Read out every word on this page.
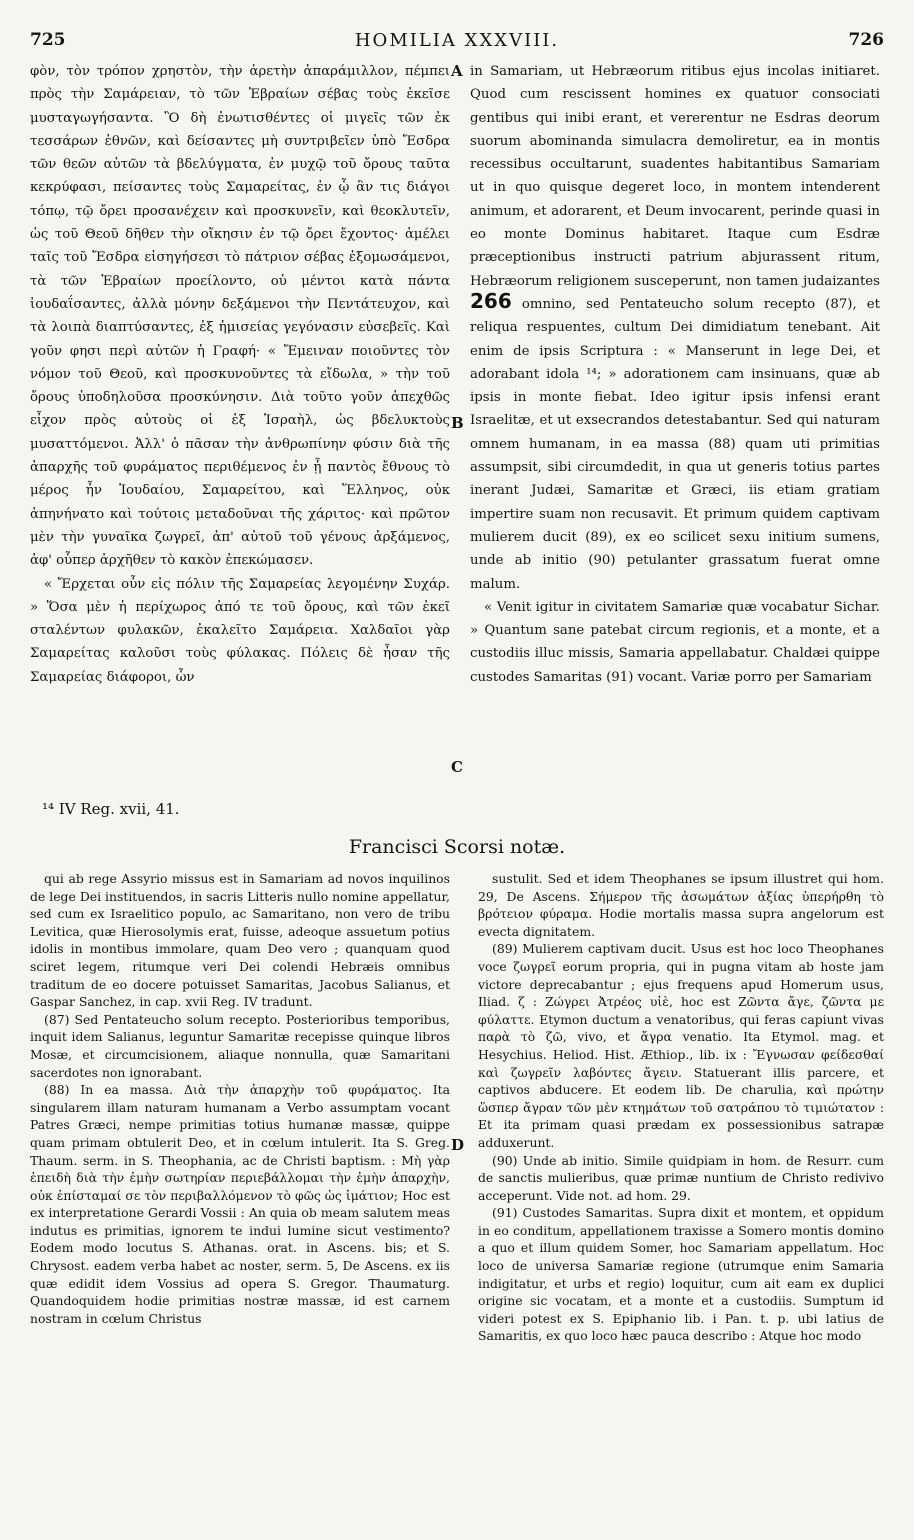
725	HOMILIA XXXVIII.	726

φὸν, τὸν τρόπον χρηστὸν, τὴν ἀρετὴν ἀπαράμιλλον, πέμπει πρὸς τὴν Σαμάρειαν, τὸ τῶν Ἑβραίων σέβας τοὺς ἐκεῖσε μυσταγωγήσαντα. Ὃ δὴ ἐνωτισθέντες οἱ μιγεῖς τῶν ἐκ τεσσάρων ἐθνῶν, καὶ δείσαντες μὴ συντριβεῖεν ὑπὸ Ἔσδρα τῶν θεῶν αὐτῶν τὰ βδελύγματα, ἐν μυχῷ τοῦ ὄρους ταῦτα κεκρύφασι, πείσαντες τοὺς Σαμαρείτας, ἐν ᾧ ἂν τις διάγοι τόπῳ, τῷ ὄρει προσανέχειν καὶ προσκυνεῖν, καὶ θεοκλυτεῖν, ὡς τοῦ Θεοῦ δῆθεν τὴν οἴκησιν ἐν τῷ ὄρει ἔχοντος· ἀμέλει ταῖς τοῦ Ἔσδρα εἰσηγήσεσι τὸ πάτριον σέβας ἐξομωσάμενοι, τὰ τῶν Ἑβραίων προείλοντο, οὐ μέντοι κατὰ πάντα ἰουδαΐσαντες, ἀλλὰ μόνην δεξάμενοι τὴν Πεντάτευχον, καὶ τὰ λοιπὰ διαπτύσαντες, ἐξ ἡμισείας γεγόνασιν εὐσεβεῖς. Καὶ γοῦν φησι περὶ αὐτῶν ἡ Γραφή· « Ἔμειναν ποιοῦντες τὸν νόμον τοῦ Θεοῦ, καὶ προσκυνοῦντες τὰ εἴδωλα, » τὴν τοῦ ὄρους ὑποδηλοῦσα προσκύνησιν. Διὰ τοῦτο γοῦν ἀπεχθῶς εἶχον πρὸς αὐτοὺς οἱ ἐξ Ἰσραὴλ, ὡς βδελυκτοὺς μυσαττόμενοι. Ἀλλ' ὁ πᾶσαν τὴν ἀνθρωπίνην φύσιν διὰ τῆς ἀπαρχῆς τοῦ φυράματος περιθέμενος ἐν ᾗ παντὸς ἔθνους τὸ μέρος ἦν Ἰουδαίου, Σαμαρείτου, καὶ Ἕλληνος, οὐκ ἀπηνήνατο καὶ τούτοις μεταδοῦναι τῆς χάριτος· καὶ πρῶτον μὲν τὴν γυναῖκα ζωγρεῖ, ἀπ' αὐτοῦ τοῦ γένους ἀρξάμενος, ἀφ' οὗπερ ἀρχῆθεν τὸ κακὸν ἐπεκώμασεν.

« Ἔρχεται οὖν εἰς πόλιν τῆς Σαμαρείας λεγομένην Συχάρ. » Ὅσα μὲν ἡ περίχωρος ἀπό τε τοῦ ὄρους, καὶ τῶν ἐκεῖ σταλέντων φυλακῶν, ἐκαλεῖτο Σαμάρεια. Χαλδαῖοι γὰρ Σαμαρείτας καλοῦσι τοὺς φύλακας. Πόλεις δὲ ἦσαν τῆς Σαμαρείας διάφοροι, ὧν

A
B
C
D

in Samariam, ut Hebræorum ritibus ejus incolas initiaret. Quod cum rescissent homines ex quatuor consociati gentibus qui inibi erant, et vererentur ne Esdras deorum suorum abominanda simulacra demoliretur, ea in montis recessibus occultarunt, suadentes habitantibus Samariam ut in quo quisque degeret loco, in montem intenderent animum, et adorarent, et Deum invocarent, perinde quasi in eo monte Dominus habitaret. Itaque cum Esdræ præceptionibus instructi patrium abjurassent ritum, Hebræorum religionem susceperunt, non tamen judaizantes 266 omnino, sed Pentateucho solum recepto (87), et reliqua respuentes, cultum Dei dimidiatum tenebant. Ait enim de ipsis Scriptura : « Manserunt in lege Dei, et adorabant idola ¹⁴; » adorationem cam insinuans, quæ ab ipsis in monte fiebat. Ideo igitur ipsis infensi erant Israelitæ, et ut exsecrandos detestabantur. Sed qui naturam omnem humanam, in ea massa (88) quam uti primitias assumpsit, sibi circumdedit, in qua ut generis totius partes inerant Judæi, Samaritæ et Græci, iis etiam gratiam impertire suam non recusavit. Et primum quidem captivam mulierem ducit (89), ex eo scilicet sexu initium sumens, unde ab initio (90) petulanter grassatum fuerat omne malum.

« Venit igitur in civitatem Samariæ quæ vocabatur Sichar. » Quantum sane patebat circum regionis, et a monte, et a custodiis illuc missis, Samaria appellabatur. Chaldæi quippe custodes Samaritas (91) vocant. Variæ porro per Samariam

¹⁴ IV Reg. xvii, 41.
Francisci Scorsi notæ.

qui ab rege Assyrio missus est in Samariam ad novos inquilinos de lege Dei instituendos, in sacris Litteris nullo nomine appellatur, sed cum ex Israelitico populo, ac Samaritano, non vero de tribu Levitica, quæ Hierosolymis erat, fuisse, adeoque assuetum potius idolis in montibus immolare, quam Deo vero ; quanquam quod sciret legem, ritumque veri Dei colendi Hebræis omnibus traditum de eo docere potuisset Samaritas, Jacobus Salianus, et Gaspar Sanchez, in cap. xvii Reg. IV tradunt.

(87) Sed Pentateucho solum recepto. Posterioribus temporibus, inquit idem Salianus, leguntur Samaritæ recepisse quinque libros Mosæ, et circumcisionem, aliaque nonnulla, quæ Samaritani sacerdotes non ignorabant.

(88) In ea massa. Διὰ τὴν ἀπαρχὴν τοῦ φυράματος. Ita singularem illam naturam humanam a Verbo assumptam vocant Patres Græci, nempe primitias totius humanæ massæ, quippe quam primam obtulerit Deo, et in cœlum intulerit. Ita S. Greg. Thaum. serm. in S. Theophania, ac de Christi baptism. : Μὴ γὰρ ἐπειδὴ διὰ τὴν ἐμὴν σωτηρίαν περιεβάλλομαι τὴν ἐμὴν ἀπαρχὴν, οὐκ ἐπίσταμαί σε τὸν περιβαλλόμενον τὸ φῶς ὡς ἱμάτιον; Hoc est ex interpretatione Gerardi Vossii : An quia ob meam salutem meas indutus es primitias, ignorem te indui lumine sicut vestimento? Eodem modo locutus S. Athanas. orat. in Ascens. bis; et S. Chrysost. eadem verba habet ac noster, serm. 5, De Ascens. ex iis quæ edidit idem Vossius ad opera S. Gregor. Thaumaturg. Quandoquidem hodie primitias nostræ massæ, id est carnem nostram in cœlum Christus

sustulit. Sed et idem Theophanes se ipsum illustret qui hom. 29, De Ascens. Σήμερον τῆς ἀσωμάτων ἀξίας ὑπερήρθη τὸ βρότειον φύραμα. Hodie mortalis massa supra angelorum est evecta dignitatem.

(89) Mulierem captivam ducit. Usus est hoc loco Theophanes voce ζωγρεῖ eorum propria, qui in pugna vitam ab hoste jam victore deprecabantur ; ejus frequens apud Homerum usus, Iliad. ζ : Ζώγρει Ἀτρέος υἱὲ, hoc est Ζῶντα ἄγε, ζῶντα με φύλαττε. Etymon ductum a venatoribus, qui feras capiunt vivas παρὰ τὸ ζῶ, vivo, et ἄγρα venatio. Ita Etymol. mag. et Hesychius. Heliod. Hist. Æthiop., lib. ix : Ἔγνωσαν φείδεσθαί καὶ ζωγρεῖν λαβόντες ἄγειν. Statuerant illis parcere, et captivos abducere. Et eodem lib. De charulia, καὶ πρώτην ὥσπερ ἄγραν τῶν μὲν κτημάτων τοῦ σατράπου τὸ τιμιώτατον : Et ita primam quasi prædam ex possessionibus satrapæ adduxerunt.

(90) Unde ab initio. Simile quidpiam in hom. de Resurr. cum de sanctis mulieribus, quæ primæ nuntium de Christo redivivo acceperunt. Vide not. ad hom. 29.

(91) Custodes Samaritas. Supra dixit et montem, et oppidum in eo conditum, appellationem traxisse a Somero montis domino a quo et illum quidem Somer, hoc Samariam appellatum. Hoc loco de universa Samariæ regione (utrumque enim Samaria indigitatur, et urbs et regio) loquitur, cum ait eam ex duplici origine sic vocatam, et a monte et a custodiis. Sumptum id videri potest ex S. Epiphanio lib. i Pan. t. p. ubi latius de Samaritis, ex quo loco hæc pauca describo : Atque hoc modo
